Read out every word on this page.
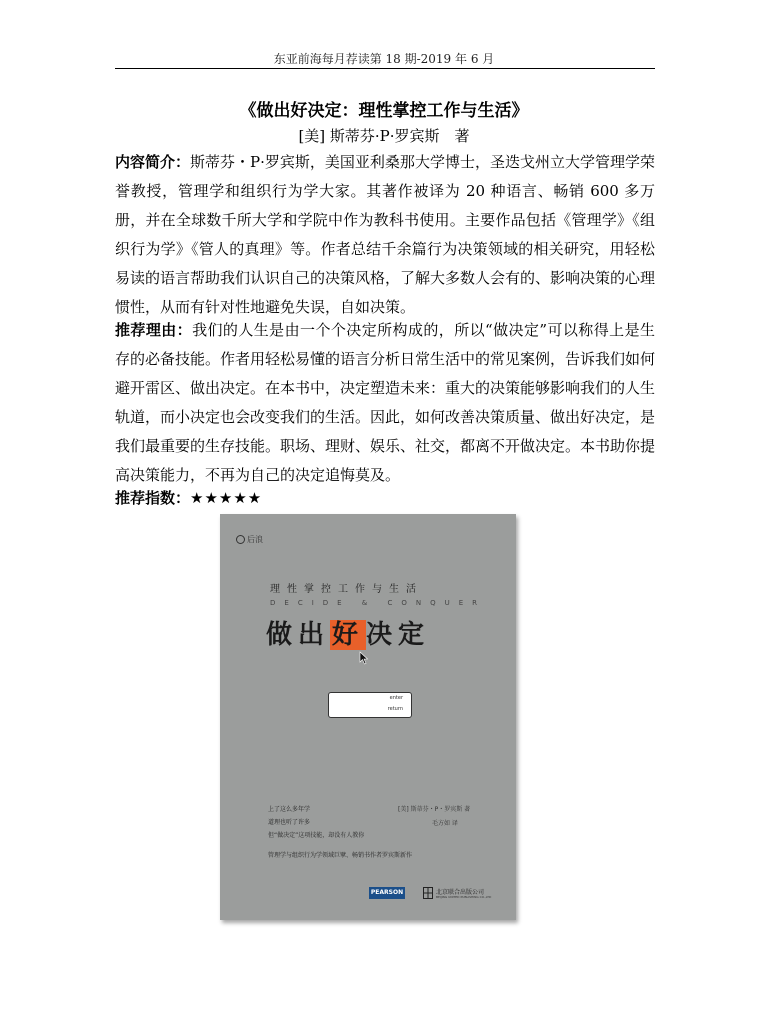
东亚前海每月荐读第 18 期-2019 年 6 月
《做出好决定：理性掌控工作与生活》
[美] 斯蒂芬·P·罗宾斯　著
内容简介：斯蒂芬・P·罗宾斯，美国亚利桑那大学博士，圣迭戈州立大学管理学荣誉教授，管理学和组织行为学大家。其著作被译为 20 种语言、畅销 600 多万册，并在全球数千所大学和学院中作为教科书使用。主要作品包括《管理学》《组织行为学》《管人的真理》等。作者总结千余篇行为决策领域的相关研究，用轻松易读的语言帮助我们认识自己的决策风格，了解大多数人会有的、影响决策的心理惯性，从而有针对性地避免失误，自如决策。
推荐理由：我们的人生是由一个个决定所构成的，所以“做决定”可以称得上是生存的必备技能。作者用轻松易懂的语言分析日常生活中的常见案例，告诉我们如何避开雷区、做出决定。在本书中，决定塑造未来：重大的决策能够影响我们的人生轨道，而小决定也会改变我们的生活。因此，如何改善决策质量、做出好决定，是我们最重要的生存技能。职场、理财、娱乐、社交，都离不开做决定。本书助你提高决策能力，不再为自己的决定追悔莫及。
推荐指数：★★★★★
后浪
理性掌控工作与生活
DECIDE & CONQUER
做出好决定
enter
return
上了这么多年学
道理也听了许多
但“做决定”这项技能，却没有人教你
[美] 斯蒂芬・P・罗宾斯 著
毛方如 译
管理学与组织行为学领域巨擘、畅销书作者罗宾斯新作
PEARSON	北京联合出版公司
BEIJING UNITED PUBLISHING CO.,LTD
